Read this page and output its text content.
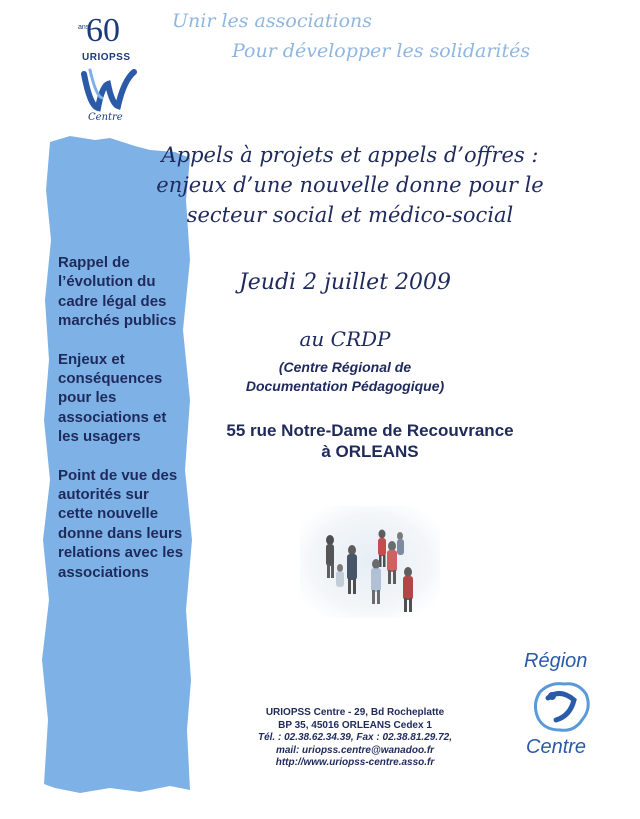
ans
60
URIOPSS
Centre
Unir les associations
Pour développer les solidarités
Appels à projets et appels d’offres :
enjeux d’une nouvelle donne pour le
secteur social et médico-social
Rappel de l’évolution du cadre légal des marchés publics
Enjeux et conséquences pour les associations et les usagers
Point de vue des autorités sur cette nouvelle donne dans leurs relations avec les associations
Jeudi 2 juillet 2009
au CRDP
(Centre Régional de
Documentation Pédagogique)
55 rue Notre-Dame de Recouvrance
à ORLEANS
Région
Centre
URIOPSS Centre - 29, Bd Rocheplatte
BP 35, 45016 ORLEANS Cedex 1
Tél. : 02.38.62.34.39, Fax : 02.38.81.29.72,
mail: uriopss.centre@wanadoo.fr
http://www.uriopss-centre.asso.fr
